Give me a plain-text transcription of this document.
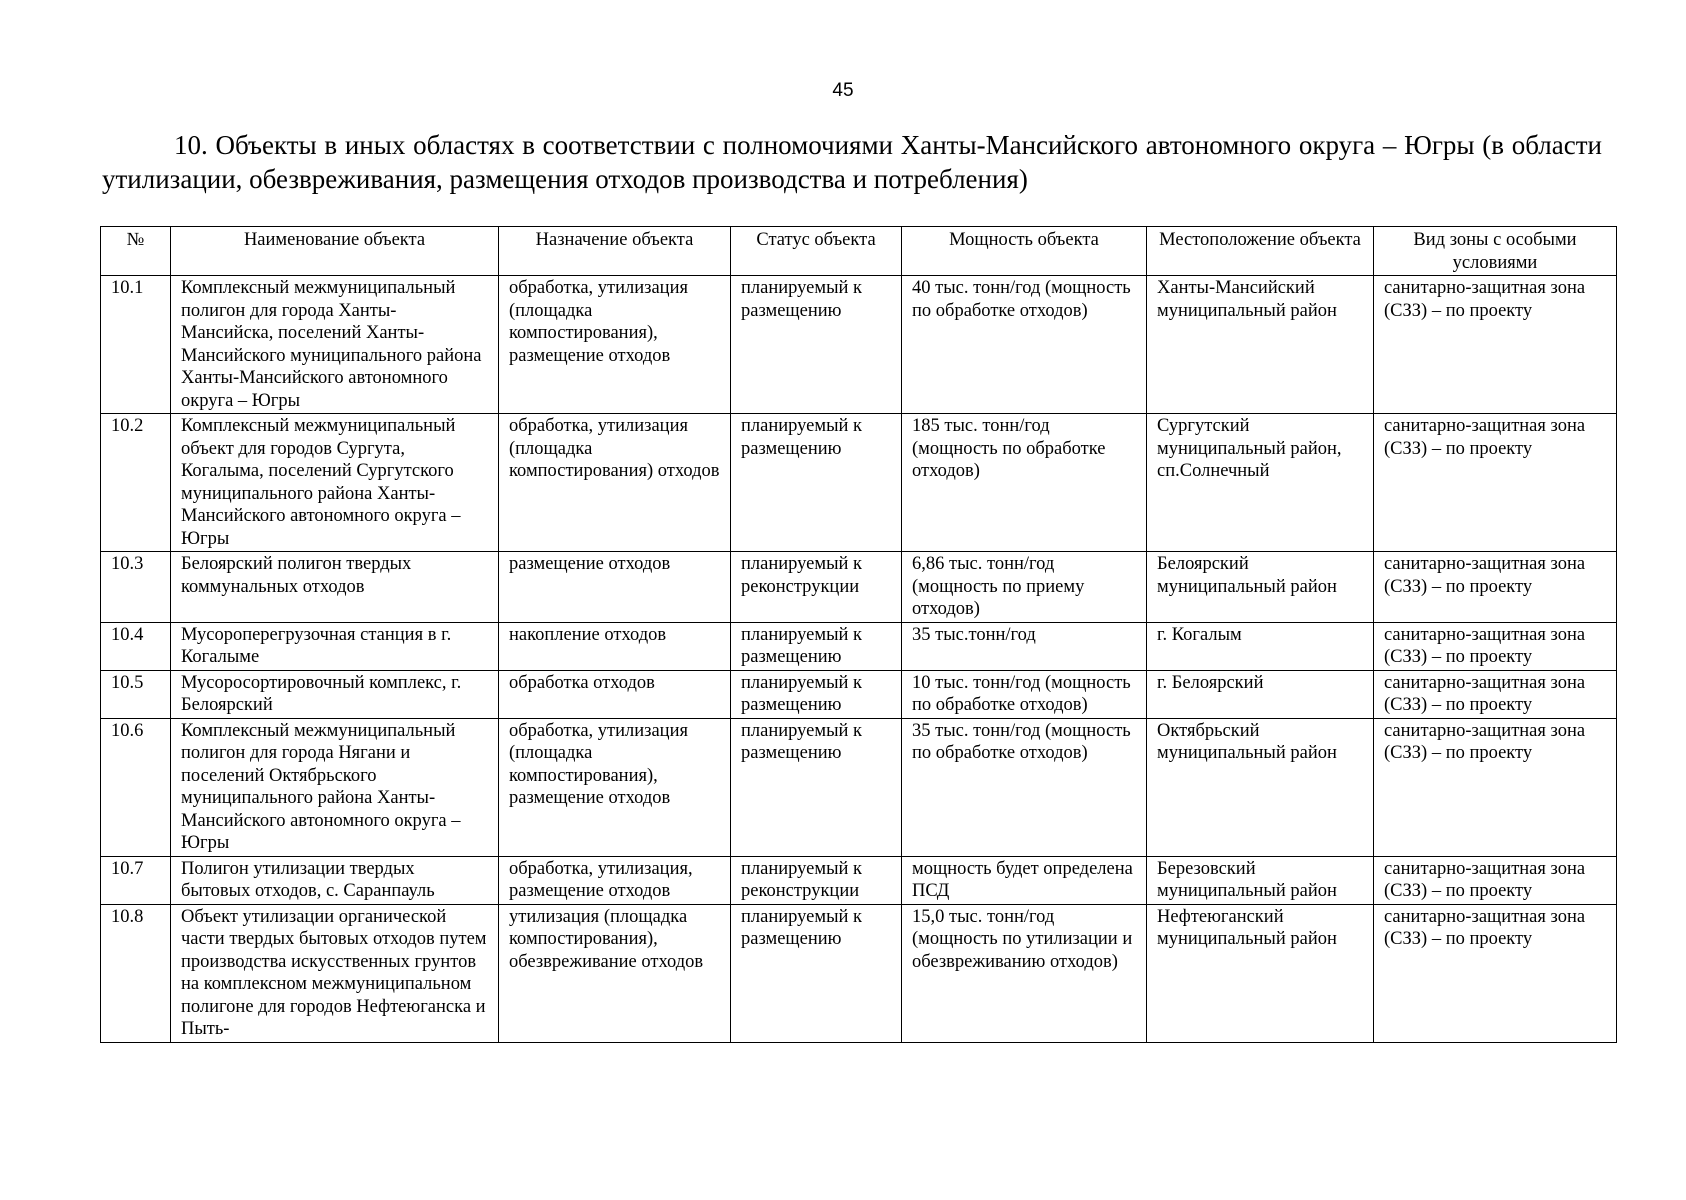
45
10. Объекты в иных областях в соответствии с полномочиями Ханты-Мансийского автономного округа – Югры (в области утилизации, обезвреживания, размещения отходов производства и потребления)
№	Наименование объекта	Назначение объекта	Статус объекта	Мощность объекта	Местоположение объекта	Вид зоны с особыми условиями
10.1	Комплексный межмуниципальный полигон для города Ханты-Мансийска, поселений Ханты-Мансийского муниципального района Ханты-Мансийского автономного округа – Югры	обработка, утилизация (площадка компостирования), размещение отходов	планируемый к размещению	40 тыс. тонн/год (мощность по обработке отходов)	Ханты-Мансийский муниципальный район	санитарно-защитная зона (СЗЗ) – по проекту
10.2	Комплексный межмуниципальный объект для городов Сургута, Когалыма, поселений Сургутского муниципального района Ханты-Мансийского автономного округа – Югры	обработка, утилизация (площадка компостирования) отходов	планируемый к размещению	185 тыс. тонн/год (мощность по обработке отходов)	Сургутский муниципальный район, сп.Солнечный	санитарно-защитная зона (СЗЗ) – по проекту
10.3	Белоярский полигон твердых коммунальных отходов	размещение отходов	планируемый к реконструкции	6,86 тыс. тонн/год (мощность по приему отходов)	Белоярский муниципальный район	санитарно-защитная зона (СЗЗ) – по проекту
10.4	Мусороперегрузочная станция в г. Когалыме	накопление отходов	планируемый к размещению	35 тыс.тонн/год	г. Когалым	санитарно-защитная зона (СЗЗ) – по проекту
10.5	Мусоросортировочный комплекс, г. Белоярский	обработка отходов	планируемый к размещению	10 тыс. тонн/год (мощность по обработке отходов)	г. Белоярский	санитарно-защитная зона (СЗЗ) – по проекту
10.6	Комплексный межмуниципальный полигон для города Нягани и поселений Октябрьского муниципального района Ханты-Мансийского автономного округа – Югры	обработка, утилизация (площадка компостирования), размещение отходов	планируемый к размещению	35 тыс. тонн/год (мощность по обработке отходов)	Октябрьский муниципальный район	санитарно-защитная зона (СЗЗ) – по проекту
10.7	Полигон утилизации твердых бытовых отходов, с. Саранпауль	обработка, утилизация, размещение отходов	планируемый к реконструкции	мощность будет определена ПСД	Березовский муниципальный район	санитарно-защитная зона (СЗЗ) – по проекту
10.8	Объект утилизации органической части твердых бытовых отходов путем производства искусственных грунтов на комплексном межмуниципальном полигоне для городов Нефтеюганска и Пыть-	утилизация (площадка компостирования), обезвреживание отходов	планируемый к размещению	15,0 тыс. тонн/год (мощность по утилизации и обезвреживанию отходов)	Нефтеюганский муниципальный район	санитарно-защитная зона (СЗЗ) – по проекту
